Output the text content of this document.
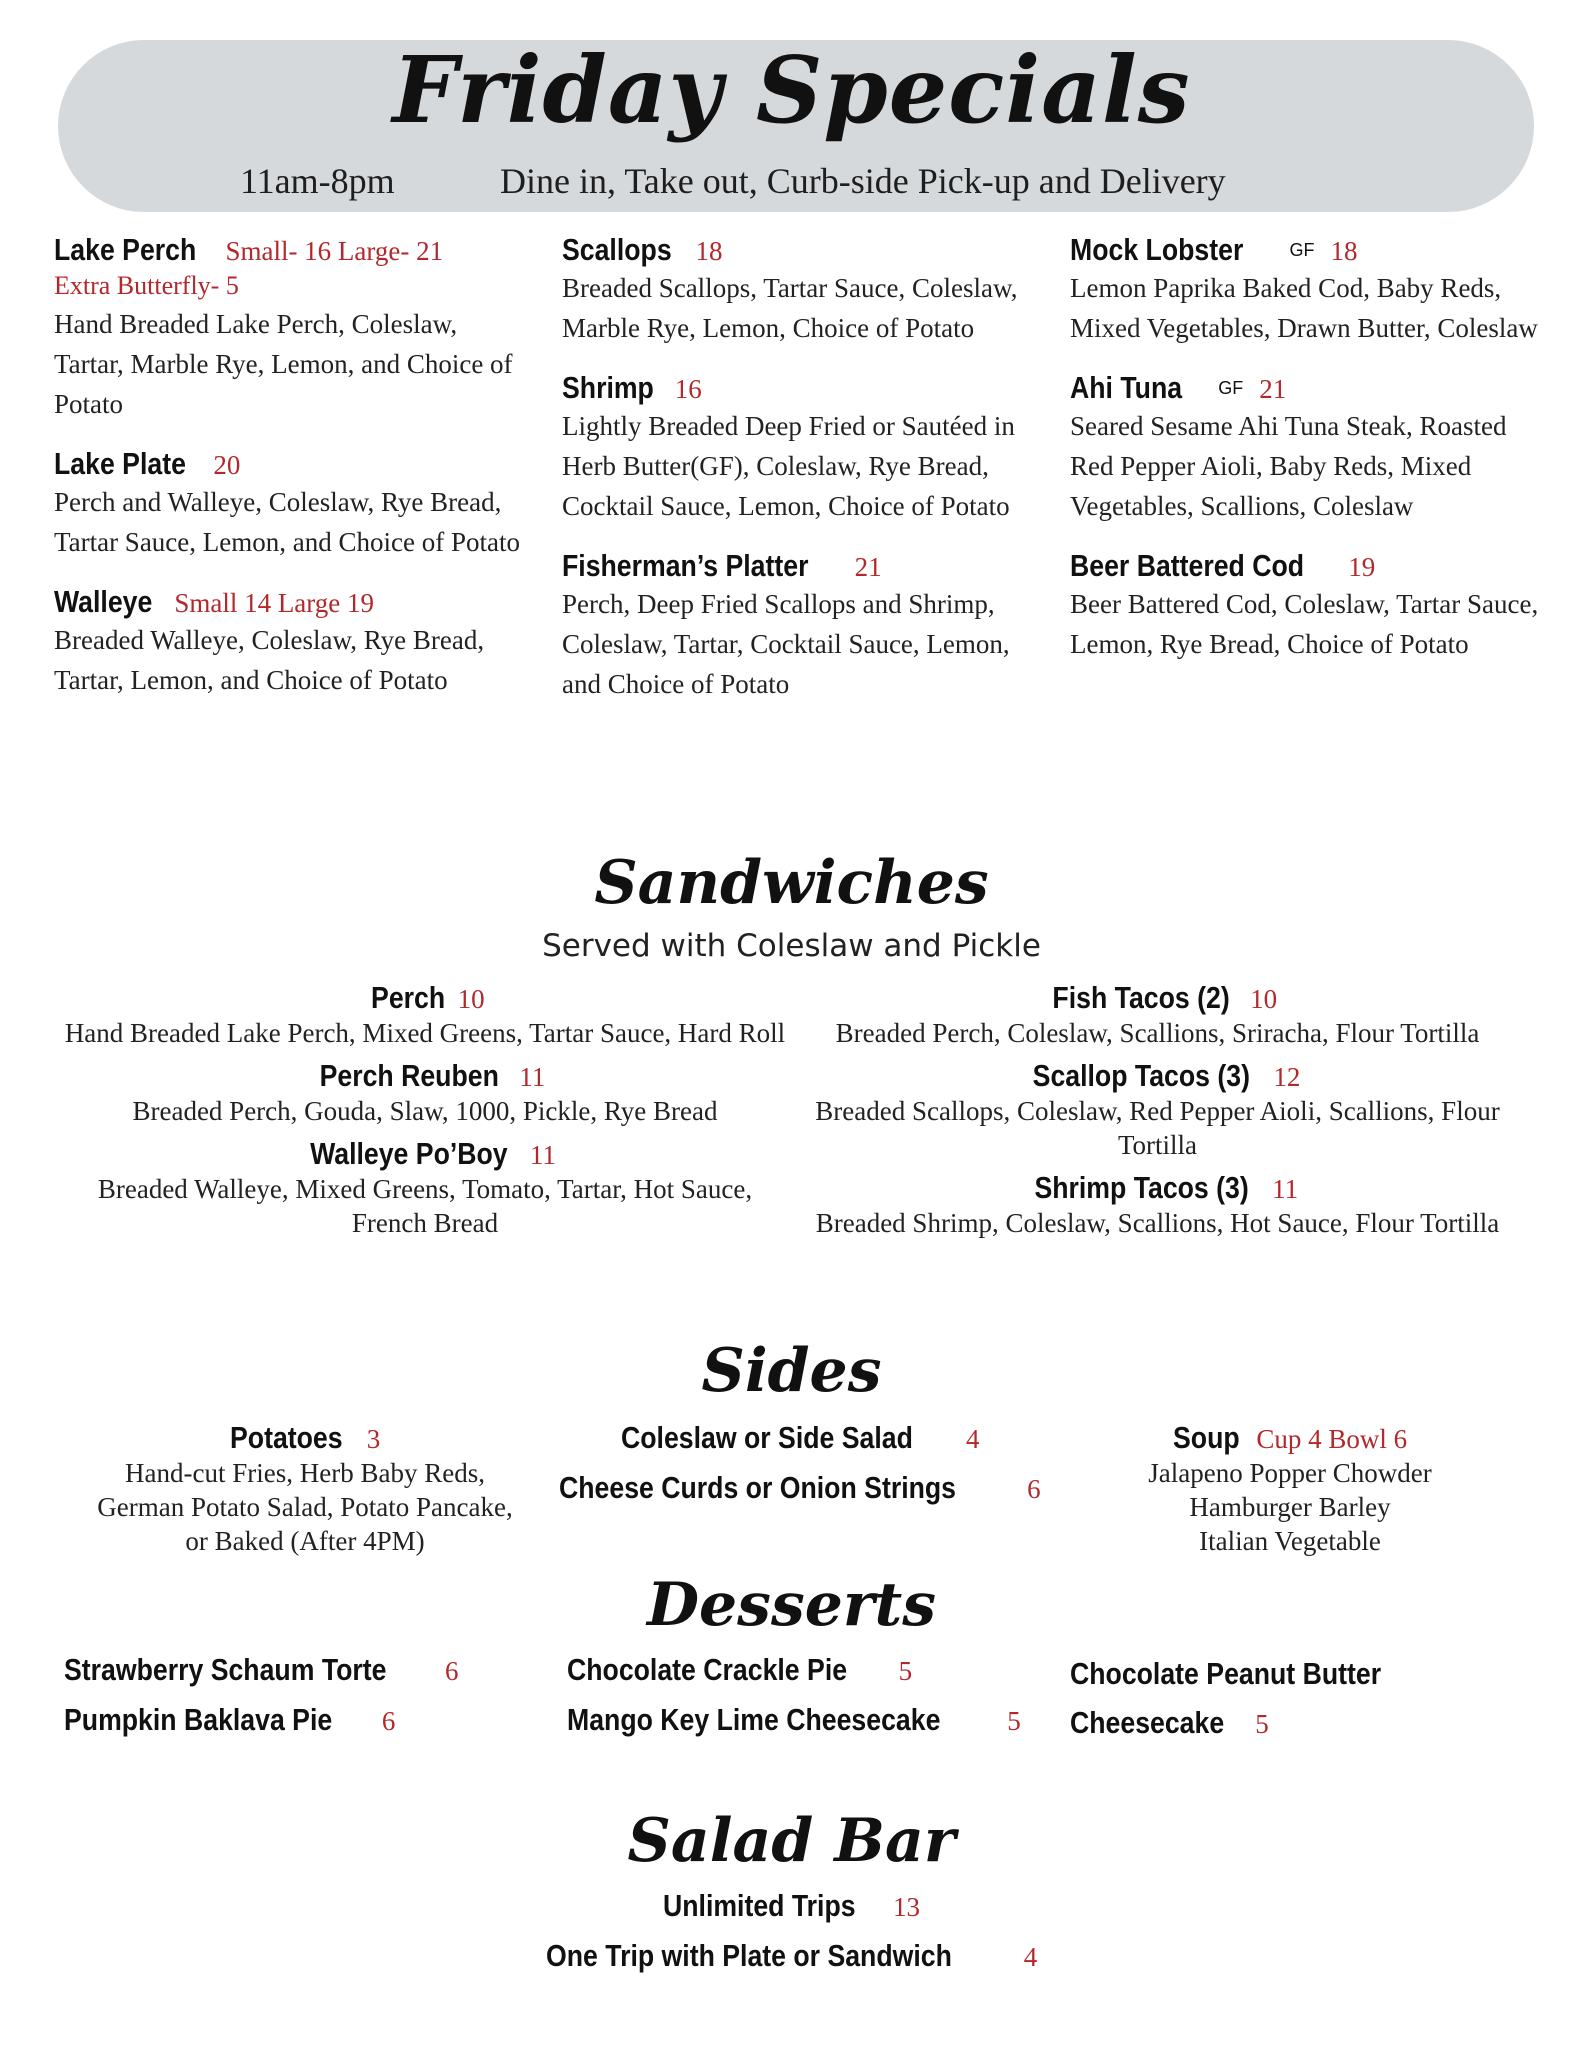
Friday Specials
11am-8pm	Dine in, Take out, Curb-side Pick-up and Delivery
Lake Perch Small- 16 Large- 21
Extra Butterfly- 5
Hand Breaded Lake Perch, Coleslaw, Tartar, Marble Rye, Lemon, and Choice of Potato
Lake Plate 20
Perch and Walleye, Coleslaw, Rye Bread, Tartar Sauce, Lemon, and Choice of Potato
Walleye Small 14 Large 19
Breaded Walleye, Coleslaw, Rye Bread, Tartar, Lemon, and Choice of Potato
Scallops 18
Breaded Scallops, Tartar Sauce, Coleslaw, Marble Rye, Lemon, Choice of Potato
Shrimp 16
Lightly Breaded Deep Fried or Sautéed in Herb Butter(GF), Coleslaw, Rye Bread, Cocktail Sauce, Lemon, Choice of Potato
Fisherman’s Platter 21
Perch, Deep Fried Scallops and Shrimp, Coleslaw, Tartar, Cocktail Sauce, Lemon, and Choice of Potato
Mock Lobster	GF 18
Lemon Paprika Baked Cod, Baby Reds, Mixed Vegetables, Drawn Butter, Coleslaw
Ahi Tuna GF 21
Seared Sesame Ahi Tuna Steak, Roasted Red Pepper Aioli, Baby Reds, Mixed Vegetables, Scallions, Coleslaw
Beer Battered Cod 19
Beer Battered Cod, Coleslaw, Tartar Sauce, Lemon, Rye Bread, Choice of Potato
Sandwiches
Served with Coleslaw and Pickle
Perch 10
Hand Breaded Lake Perch, Mixed Greens, Tartar Sauce, Hard Roll
Perch Reuben 11
Breaded Perch, Gouda, Slaw, 1000, Pickle, Rye Bread
Walleye Po’Boy 11
Breaded Walleye, Mixed Greens, Tomato, Tartar, Hot Sauce, French Bread
Fish Tacos (2) 10
Breaded Perch, Coleslaw, Scallions, Sriracha, Flour Tortilla
Scallop Tacos (3) 12
Breaded Scallops, Coleslaw, Red Pepper Aioli, Scallions, Flour Tortilla
Shrimp Tacos (3) 11
Breaded Shrimp, Coleslaw, Scallions, Hot Sauce, Flour Tortilla
Sides
Potatoes 3
Hand-cut Fries, Herb Baby Reds, German Potato Salad, Potato Pancake, or Baked (After 4PM)
Coleslaw or Side Salad 4
Cheese Curds or Onion Strings	6
Soup Cup 4 Bowl 6
Jalapeno Popper Chowder
Hamburger Barley
Italian Vegetable
Desserts
Strawberry Schaum Torte 6
Pumpkin Baklava Pie 6
Chocolate Crackle Pie 5
Mango Key Lime Cheesecake 5
Chocolate Peanut Butter
Cheesecake 5
Salad Bar
Unlimited Trips 13
One Trip with Plate or Sandwich	4
